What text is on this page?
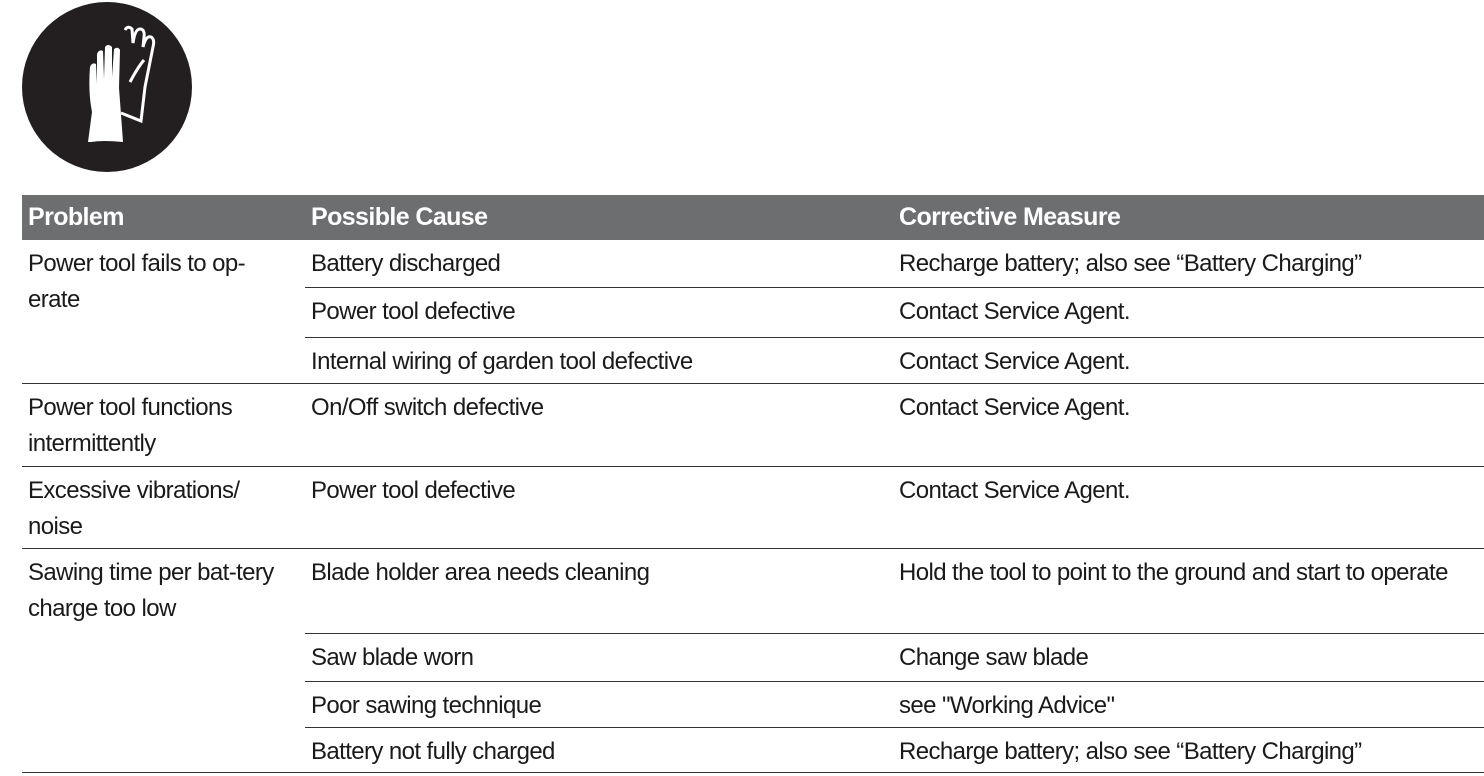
Problem	Possible Cause	Corrective Measure
Power tool fails to op-erate	Battery discharged	Recharge battery; also see “Battery Charging”
	Power tool defective	Contact Service Agent.
	Internal wiring of garden tool defective	Contact Service Agent.
Power tool functions intermittently	On/Off switch defective	Contact Service Agent.
Excessive vibrations/ noise	Power tool defective	Contact Service Agent.
Sawing time per bat-tery charge too low	Blade holder area needs cleaning	Hold the tool to point to the ground and start to operate
	Saw blade worn	Change saw blade
	Poor sawing technique	see "Working Advice"
	Battery not fully charged	Recharge battery; also see “Battery Charging”
